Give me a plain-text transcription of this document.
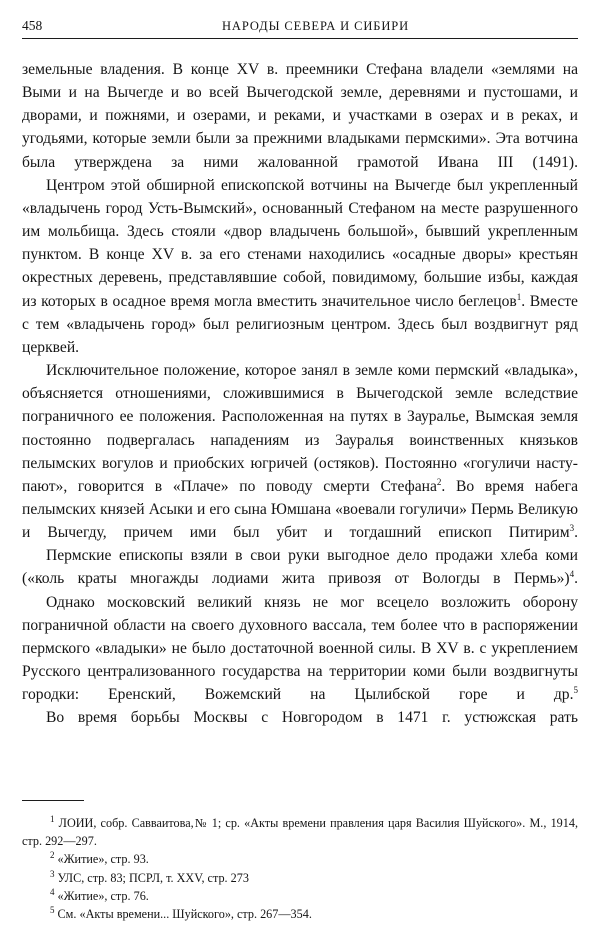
458	НАРОДЫ СЕВЕРА И СИБИРИ

земельные владения. В конце XV в. преемники Стефана владели «землями на Выми и на Вычегде и во всей Вычегодской земле, деревнями и пустошами, и дворами, и пожнями, и озерами, и реками, и участками в озерах и в реках, и угодьями, которые земли были за прежними владыками пермскими». Эта вотчина была утверждена за ними жалованной грамотой Ивана III (1491).

Центром этой обширной епископской вотчины на Вычегде был укрепленный «владычень город Усть-Вымский», основанный Стефаном на месте разрушенного им мольбища. Здесь стояли «двор владычень большой», бывший укрепленным пунктом. В конце XV в. за его стенами находились «осадные дворы» крестьян окрестных деревень, представлявшие собой, повидимому, большие избы, каждая из которых в осадное время могла вместить значительное число беглецов$^1$. Вместе с тем «владычень город» был религиозным центром. Здесь был воздвигнут ряд церквей.

Исключительное положение, которое занял в земле коми пермский «владыка», объясняется отношениями, сложившимися в Вычегодской земле вследствие пограничного ее положения. Расположенная на путях в Зауралье, Вымская земля постоянно подвергалась нападениям из Зауралья воинственных князьков пелымских вогулов и приобских югричей (остяков). Постоянно «гогуличи наступают», говорится в «Плаче» по поводу смерти Стефана$^2$. Во время набега пелымских князей Асыки и его сына Юмшана «воевали гогуличи» Пермь Великую и Вычегду, причем ими был убит и тогдашний епископ Питирим$^3$.

Пермские епископы взяли в свои руки выгодное дело продажи хлеба коми («коль краты многажды лодиами жита привозя от Вологды в Пермь»)$^4$.

Однако московский великий князь не мог всецело возложить оборону пограничной области на своего духовного вассала, тем более что в распоряжении пермского «владыки» не было достаточной военной силы. В XV в. с укреплением Русского централизованного государства на территории коми были воздвигнуты городки: Еренский, Вожемский на Цылибской горе и др.$^5$

Во время борьбы Москвы с Новгородом в 1471 г. устюжская рать

$^1$ ЛОИИ, собр. Савваитова,№ 1; ср. «Акты времени правления царя Василия Шуйского». М., 1914, стр. 292—297.

$^2$ «Житие», стр. 93.

$^3$ УЛС, стр. 83; ПСРЛ, т. XXV, стр. 273

$^4$ «Житие», стр. 76.

$^5$ См. «Акты времени... Шуйского», стр. 267—354.
